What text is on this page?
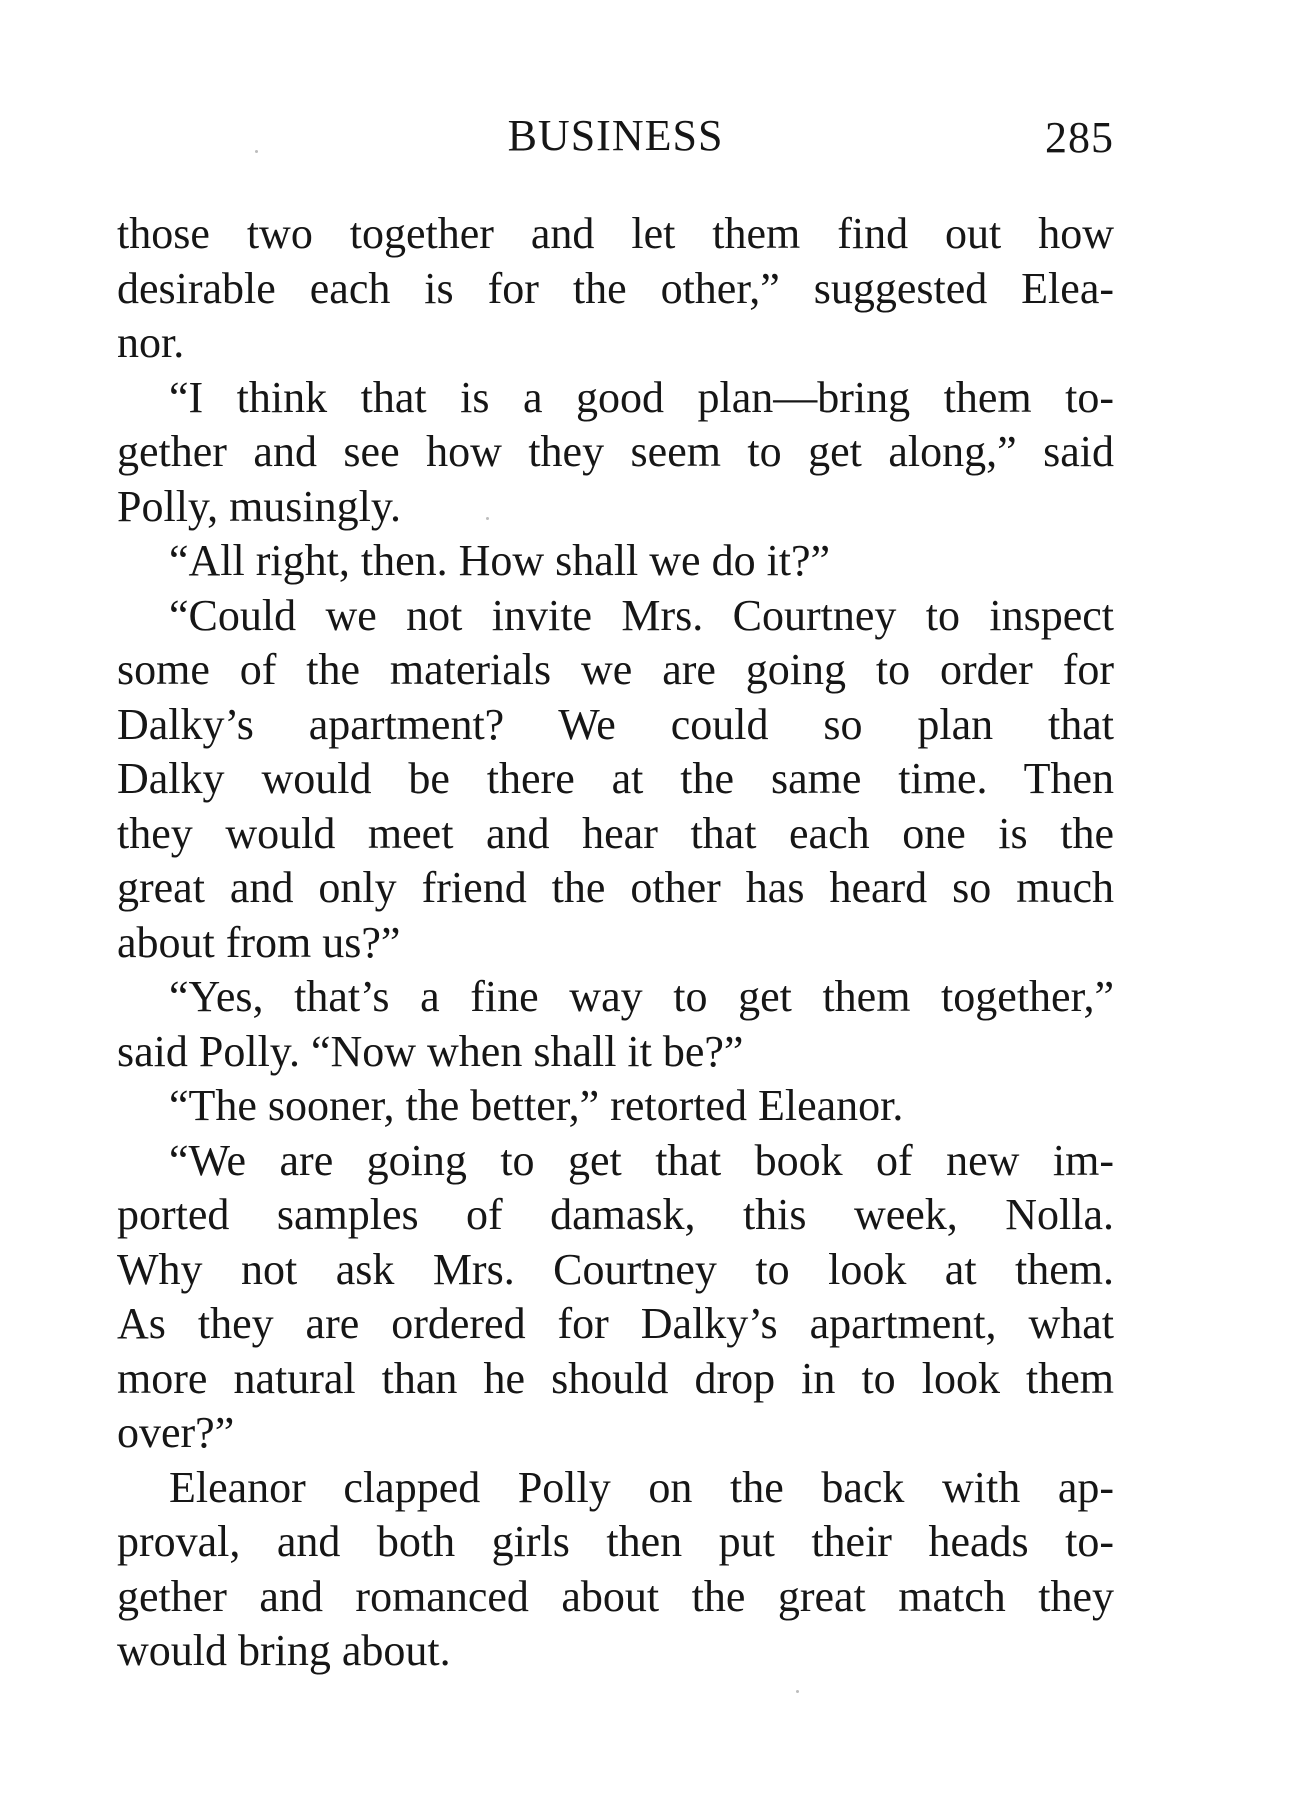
BUSINESS	285
those two together and let them find out how
desirable each is for the other,” suggested Elea-
nor.
“I think that is a good plan—bring them to-
gether and see how they seem to get along,” said
Polly, musingly.
“All right, then. How shall we do it?”
“Could we not invite Mrs. Courtney to inspect
some of the materials we are going to order for
Dalky’s apartment? We could so plan that
Dalky would be there at the same time. Then
they would meet and hear that each one is the
great and only friend the other has heard so much
about from us?”
“Yes, that’s a fine way to get them together,”
said Polly. “Now when shall it be?”
“The sooner, the better,” retorted Eleanor.
“We are going to get that book of new im-
ported samples of damask, this week, Nolla.
Why not ask Mrs. Courtney to look at them.
As they are ordered for Dalky’s apartment, what
more natural than he should drop in to look them
over?”
Eleanor clapped Polly on the back with ap-
proval, and both girls then put their heads to-
gether and romanced about the great match they
would bring about.
